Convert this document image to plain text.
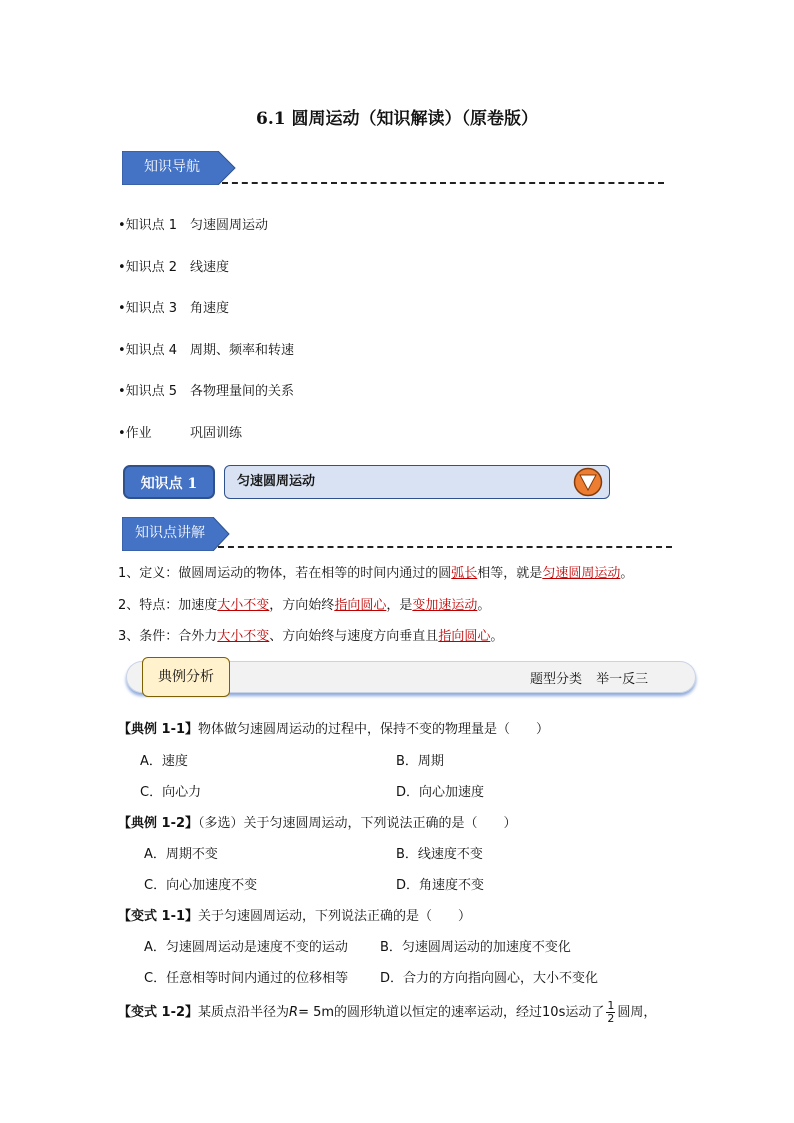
6.1 圆周运动（知识解读）（原卷版）
知识导航
•知识点 1 匀速圆周运动
•知识点 2 线速度
•知识点 3 角速度
•知识点 4 周期、频率和转速
•知识点 5 各物理量间的关系
•作业	巩固训练
知识点 1	匀速圆周运动
知识点讲解
1、定义：做圆周运动的物体，若在相等的时间内通过的圆弧长相等，就是匀速圆周运动。
2、特点：加速度大小不变，方向始终指向圆心，是变加速运动。
3、条件：合外力大小不变、方向始终与速度方向垂直且指向圆心。
典例分析	题型分类 举一反三
【典例 1-1】物体做匀速圆周运动的过程中，保持不变的物理量是（　　）
A．速度	B．周期
C．向心力	D．向心加速度
【典例 1-2】（多选）关于匀速圆周运动，下列说法正确的是（　　）
A．周期不变	B．线速度不变
C．向心加速度不变	D．角速度不变
【变式 1-1】关于匀速圆周运动，下列说法正确的是（　　）
A．匀速圆周运动是速度不变的运动 B．匀速圆周运动的加速度不变化
C．任意相等时间内通过的位移相等 D．合力的方向指向圆心，大小不变化
【变式 1-2】某质点沿半径为R= 5m的圆形轨道以恒定的速率运动，经过10s运动了 $\frac{1}{2}$ 圆周，
